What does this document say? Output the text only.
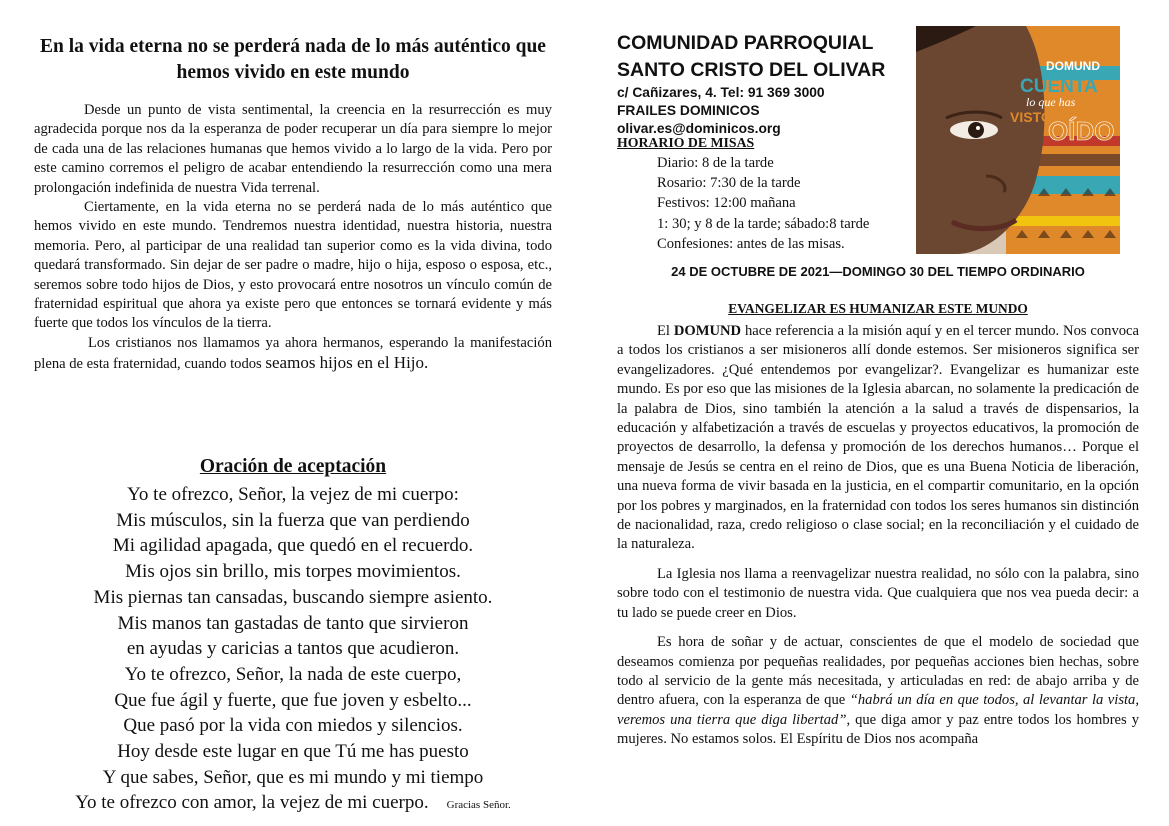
En la vida eterna no se perderá nada de lo más auténtico que hemos vivido en este mundo

Desde un punto de vista sentimental, la creencia en la resurrección es muy agradecida porque nos da la esperanza de poder recuperar un día para siempre lo mejor de cada una de las relaciones humanas que hemos vivido a lo largo de la vida. Pero por este camino corremos el peligro de acabar entendiendo la resurrección como una mera prolongación indefinida de nuestra Vida terrenal.

Ciertamente, en la vida eterna no se perderá nada de lo más auténtico que hemos vivido en este mundo. Tendremos nuestra identidad, nuestra historia, nuestra memoria. Pero, al participar de una realidad tan superior como es la vida divina, todo quedará transformado. Sin dejar de ser padre o madre, hijo o hija, esposo o esposa, etc., seremos sobre todo hijos de Dios, y esto provocará entre nosotros un vínculo común de fraternidad espiritual que ahora ya existe pero que entonces se tornará evidente y más fuerte que todos los vínculos de la tierra.

Los cristianos nos llamamos ya ahora hermanos, esperando la manifestación plena de esta fraternidad, cuando todos seamos hijos en el Hijo.

Oración de aceptación
Yo te ofrezco, Señor, la vejez de mi cuerpo:
Mis músculos, sin la fuerza que van perdiendo
Mi agilidad apagada, que quedó en el recuerdo.
Mis ojos sin brillo, mis torpes movimientos.
Mis piernas tan cansadas, buscando siempre asiento.
Mis manos tan gastadas de tanto que sirvieron
en ayudas y caricias a tantos que acudieron.
Yo te ofrezco, Señor, la nada de este cuerpo,
Que fue ágil y fuerte, que fue joven y esbelto...
Que pasó por la vida con miedos y silencios.
Hoy desde este lugar en que Tú me has puesto
Y que sabes, Señor, que es mi mundo y mi tiempo
Yo te ofrezco con amor, la vejez de mi cuerpo. Gracias Señor.
COMUNIDAD PARROQUIAL
SANTO CRISTO DEL OLIVAR
c/ Cañizares, 4. Tel: 91 369 3000
FRAILES DOMINICOS
olivar.es@dominicos.org
HORARIO DE MISAS
Diario: 8 de la tarde
Rosario: 7:30 de la tarde
Festivos: 12:00 mañana
1: 30; y 8 de la tarde; sábado:8 tarde
Confesiones: antes de las misas.
DOMUND
CUENTA
lo que has
VISTO y
OÍDO
24 DE OCTUBRE DE 2021—DOMINGO 30 DEL TIEMPO ORDINARIO
EVANGELIZAR ES HUMANIZAR ESTE MUNDO

El DOMUND hace referencia a la misión aquí y en el tercer mundo. Nos convoca a todos los cristianos a ser misioneros allí donde estemos. Ser misioneros significa ser evangelizadores. ¿Qué entendemos por evangelizar?. Evangelizar es humanizar este mundo. Es por eso que las misiones de la Iglesia abarcan, no solamente la predicación de la palabra de Dios, sino también la atención a la salud a través de dispensarios, la educación y alfabetización a través de escuelas y proyectos educativos, la promoción de proyectos de desarrollo, la defensa y promoción de los derechos humanos… Porque el mensaje de Jesús se centra en el reino de Dios, que es una Buena Noticia de liberación, una nueva forma de vivir basada en la justicia, en el compartir comunitario, en la opción por los pobres y marginados, en la fraternidad con todos los seres humanos sin distinción de nacionalidad, raza, credo religioso o clase social; en la reconciliación y el cuidado de la naturaleza.

La Iglesia nos llama a reenvagelizar nuestra realidad, no sólo con la palabra, sino sobre todo con el testimonio de nuestra vida. Que cualquiera que nos vea pueda decir: a tu lado se puede creer en Dios.

Es hora de soñar y de actuar, conscientes de que el modelo de sociedad que deseamos comienza por pequeñas realidades, por pequeñas acciones bien hechas, sobre todo al servicio de la gente más necesitada, y articuladas en red: de abajo arriba y de dentro afuera, con la esperanza de que “habrá un día en que todos, al levantar la vista, veremos una tierra que diga libertad”, que diga amor y paz entre todos los hombres y mujeres. No estamos solos. El Espíritu de Dios nos acompaña
